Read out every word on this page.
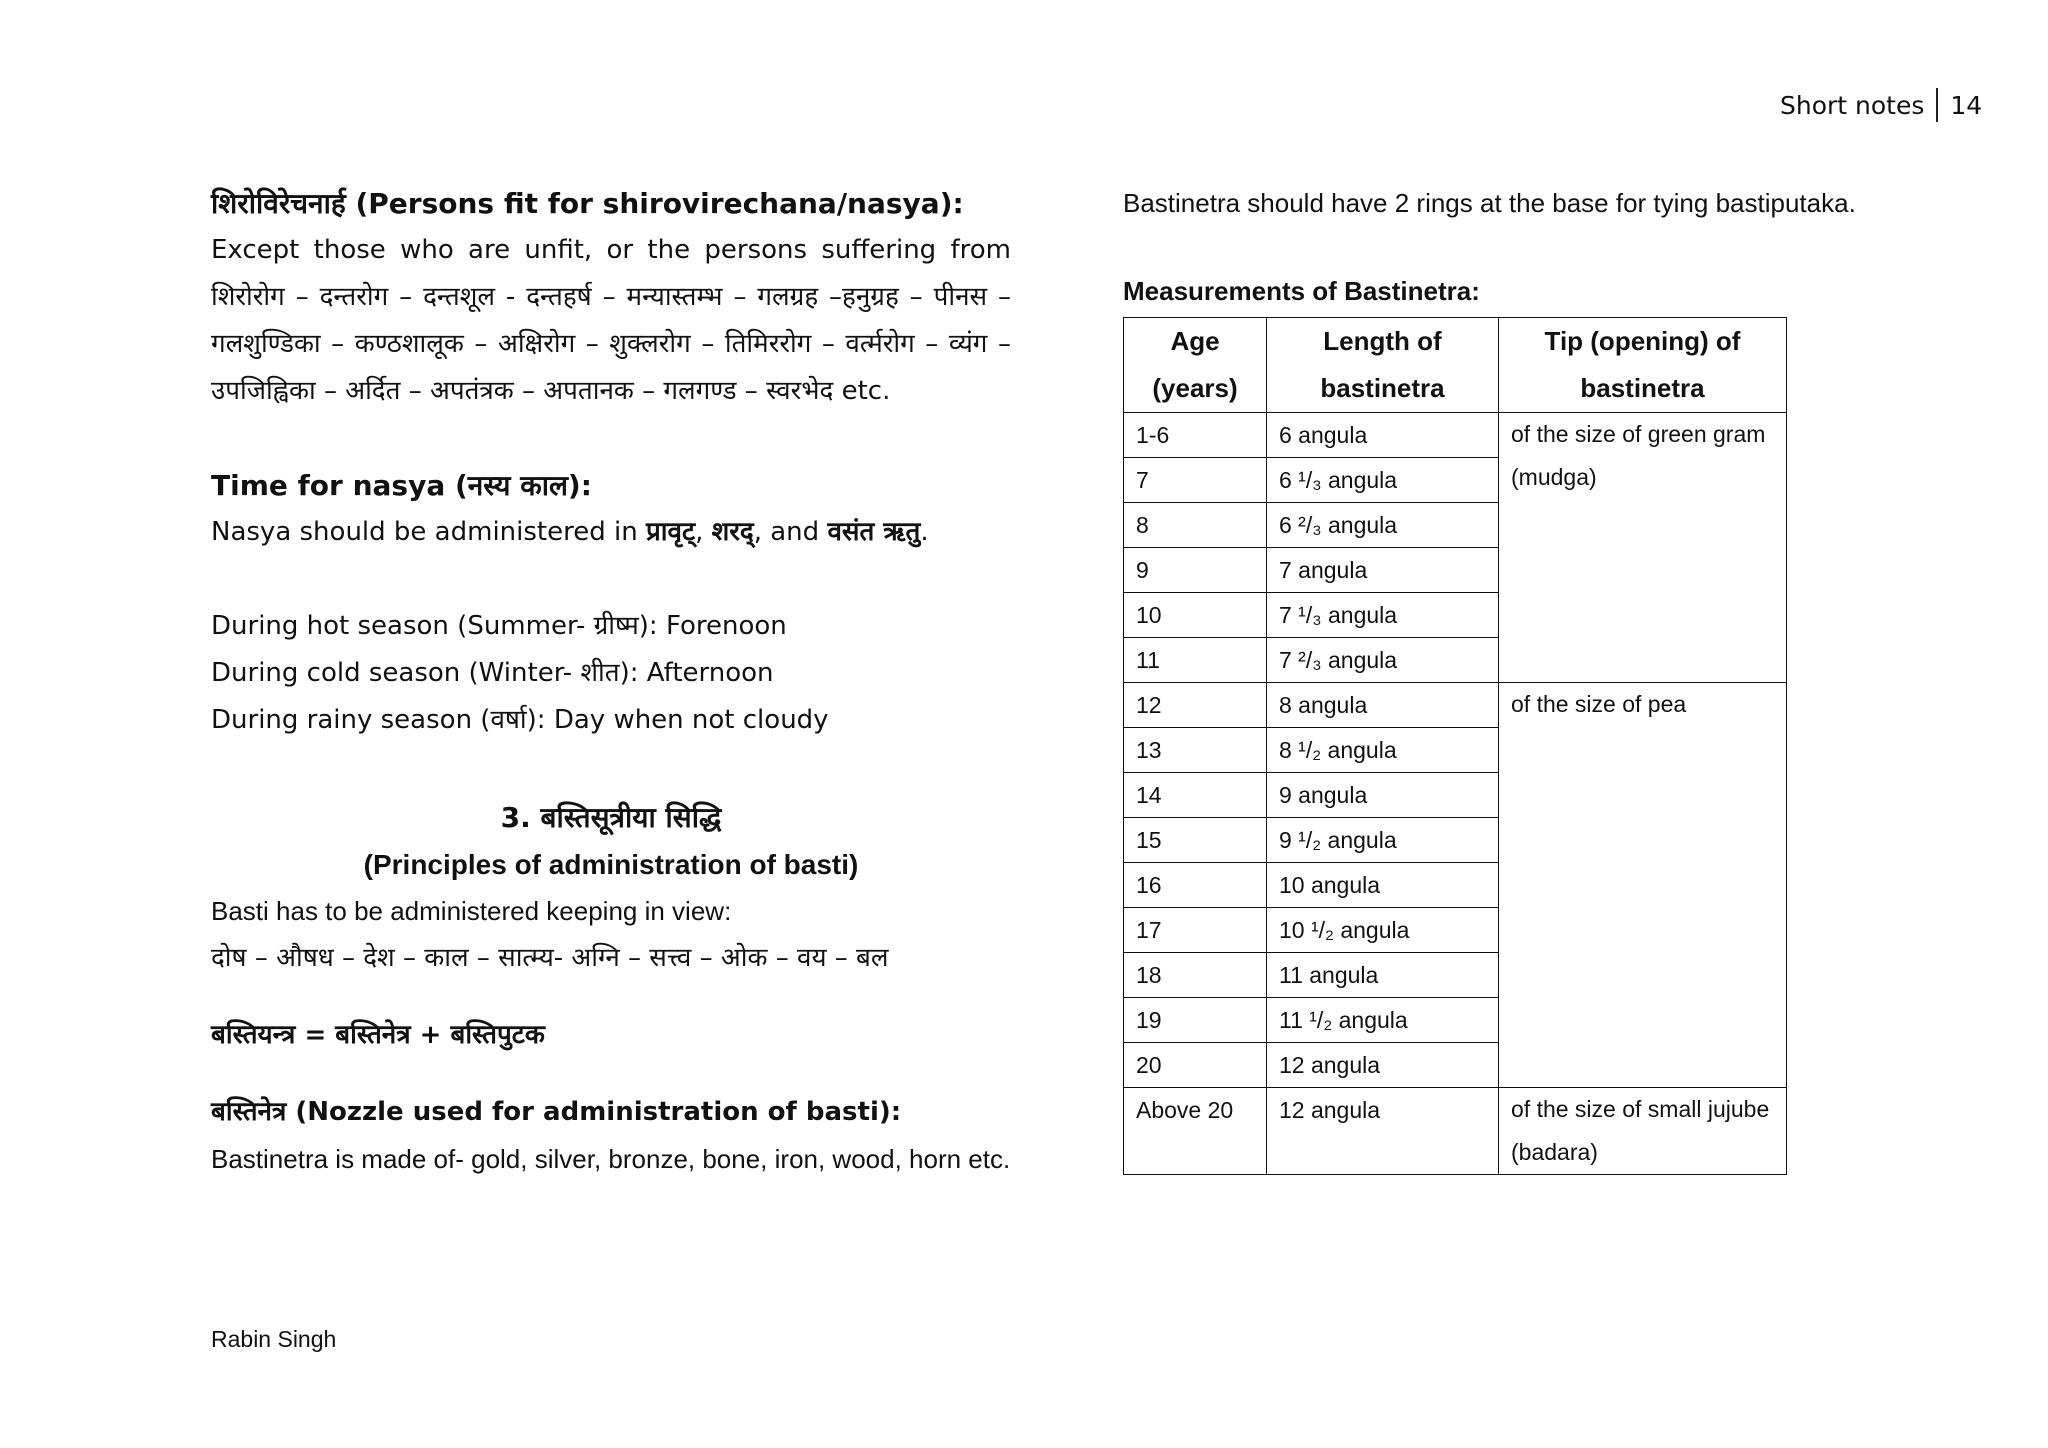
Short notes 14

शिरोविरेचनार्ह (Persons fit for shirovirechana/nasya):

Except those who are unfit, or the persons suffering from शिरोरोग – दन्तरोग – दन्तशूल - दन्तहर्ष – मन्यास्तम्भ – गलग्रह –हनुग्रह – पीनस – गलशुण्डिका – कण्ठशालूक – अक्षिरोग – शुक्लरोग – तिमिररोग – वर्त्मरोग – व्यंग – उपजिह्विका – अर्दित – अपतंत्रक – अपतानक – गलगण्ड – स्वरभेद etc.

Time for nasya (नस्य काल):

Nasya should be administered in प्रावृट्, शरद्, and वसंत ऋतु.

During hot season (Summer- ग्रीष्म): Forenoon

During cold season (Winter- शीत): Afternoon

During rainy season (वर्षा): Day when not cloudy

3. बस्तिसूत्रीया सिद्धि

(Principles of administration of basti)

Basti has to be administered keeping in view:

दोष – औषध – देश – काल – सात्म्य- अग्नि – सत्त्व – ओक – वय – बल

बस्तियन्त्र = बस्तिनेत्र + बस्तिपुटक

बस्तिनेत्र (Nozzle used for administration of basti):

Bastinetra is made of- gold, silver, bronze, bone, iron, wood, horn etc.

Bastinetra should have 2 rings at the base for tying bastiputaka.
Measurements of Bastinetra:
Age (years)	Length of bastinetra	Tip (opening) of bastinetra
1-6	6 angula	of the size of green gram (mudga)
7	6 ¹/₃ angula	
8	6 ²/₃ angula	
9	7 angula	
10	7 ¹/₃ angula	
11	7 ²/₃ angula	
12	8 angula	of the size of pea
13	8 ¹/₂ angula	
14	9 angula	
15	9 ¹/₂ angula	
16	10 angula	
17	10 ¹/₂ angula	
18	11 angula	
19	11 ¹/₂ angula	
20	12 angula	
Above 20	12 angula	of the size of small jujube (badara)
Rabin Singh
